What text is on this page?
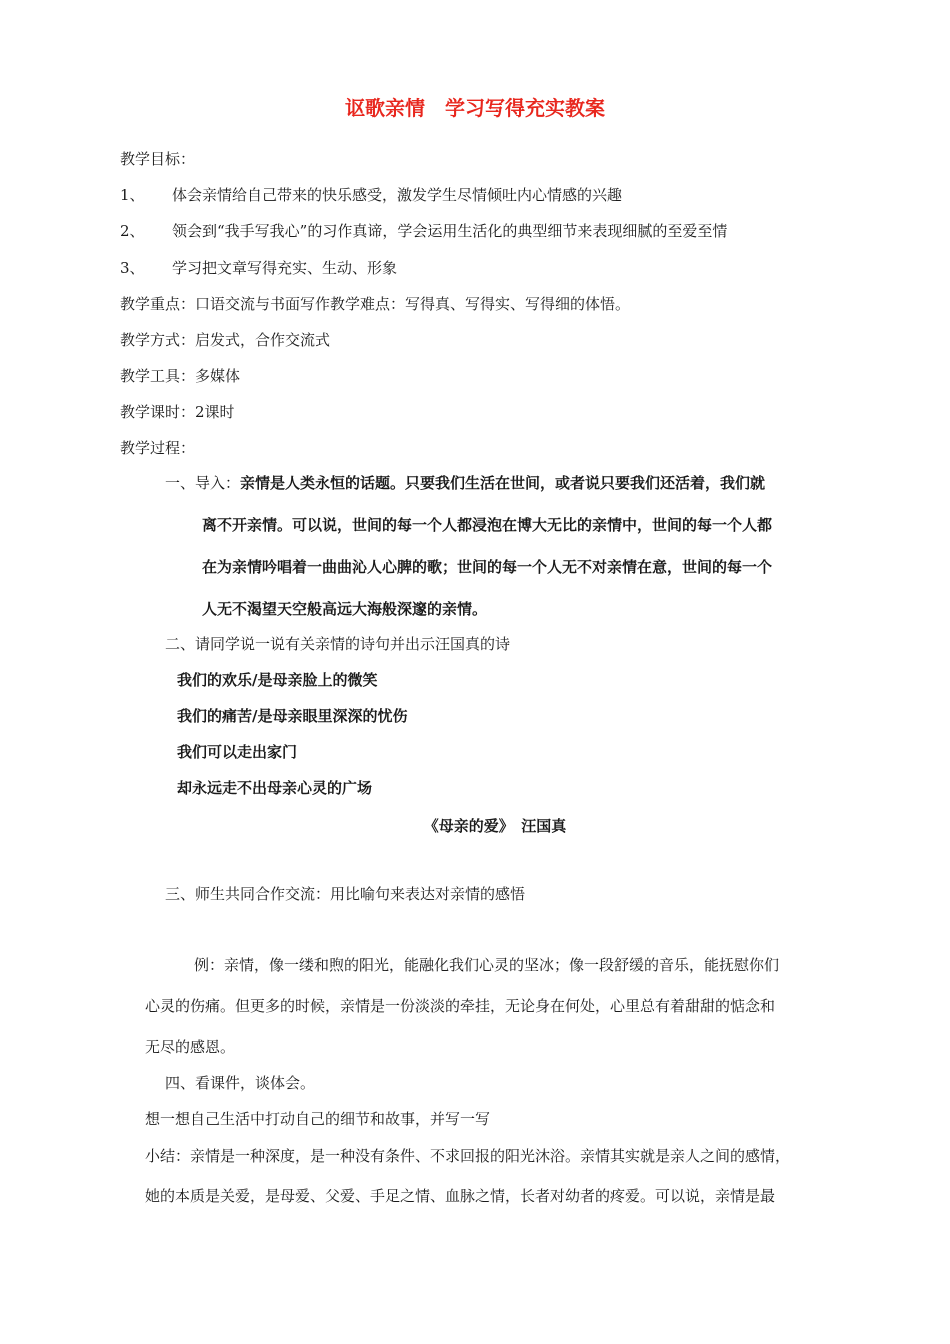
讴歌亲情　学习写得充实教案
教学目标：
1、 体会亲情给自己带来的快乐感受，激发学生尽情倾吐内心情感的兴趣
2、 领会到“我手写我心”的习作真谛，学会运用生活化的典型细节来表现细腻的至爱至情
3、 学习把文章写得充实、生动、形象
教学重点：口语交流与书面写作教学难点：写得真、写得实、写得细的体悟。
教学方式：启发式，合作交流式
教学工具：多媒体
教学课时：2课时
教学过程：
一、导入：亲情是人类永恒的话题。只要我们生活在世间，或者说只要我们还活着，我们就
离不开亲情。可以说，世间的每一个人都浸泡在博大无比的亲情中，世间的每一个人都
在为亲情吟唱着一曲曲沁人心脾的歌；世间的每一个人无不对亲情在意，世间的每一个
人无不渴望天空般高远大海般深邃的亲情。
二、请同学说一说有关亲情的诗句并出示汪国真的诗
我们的欢乐/是母亲脸上的微笑
我们的痛苦/是母亲眼里深深的忧伤
我们可以走出家门
却永远走不出母亲心灵的广场
《母亲的爱》　汪国真
三、师生共同合作交流：用比喻句来表达对亲情的感悟
例：亲情，像一缕和煦的阳光，能融化我们心灵的坚冰；像一段舒缓的音乐，能抚慰你们
心灵的伤痛。但更多的时候，亲情是一份淡淡的牵挂，无论身在何处，心里总有着甜甜的惦念和
无尽的感恩。
四、看课件，谈体会。
想一想自己生活中打动自己的细节和故事，并写一写
小结：亲情是一种深度，是一种没有条件、不求回报的阳光沐浴。亲情其实就是亲人之间的感情，
她的本质是关爱，是母爱、父爱、手足之情、血脉之情，长者对幼者的疼爱。可以说，亲情是最
